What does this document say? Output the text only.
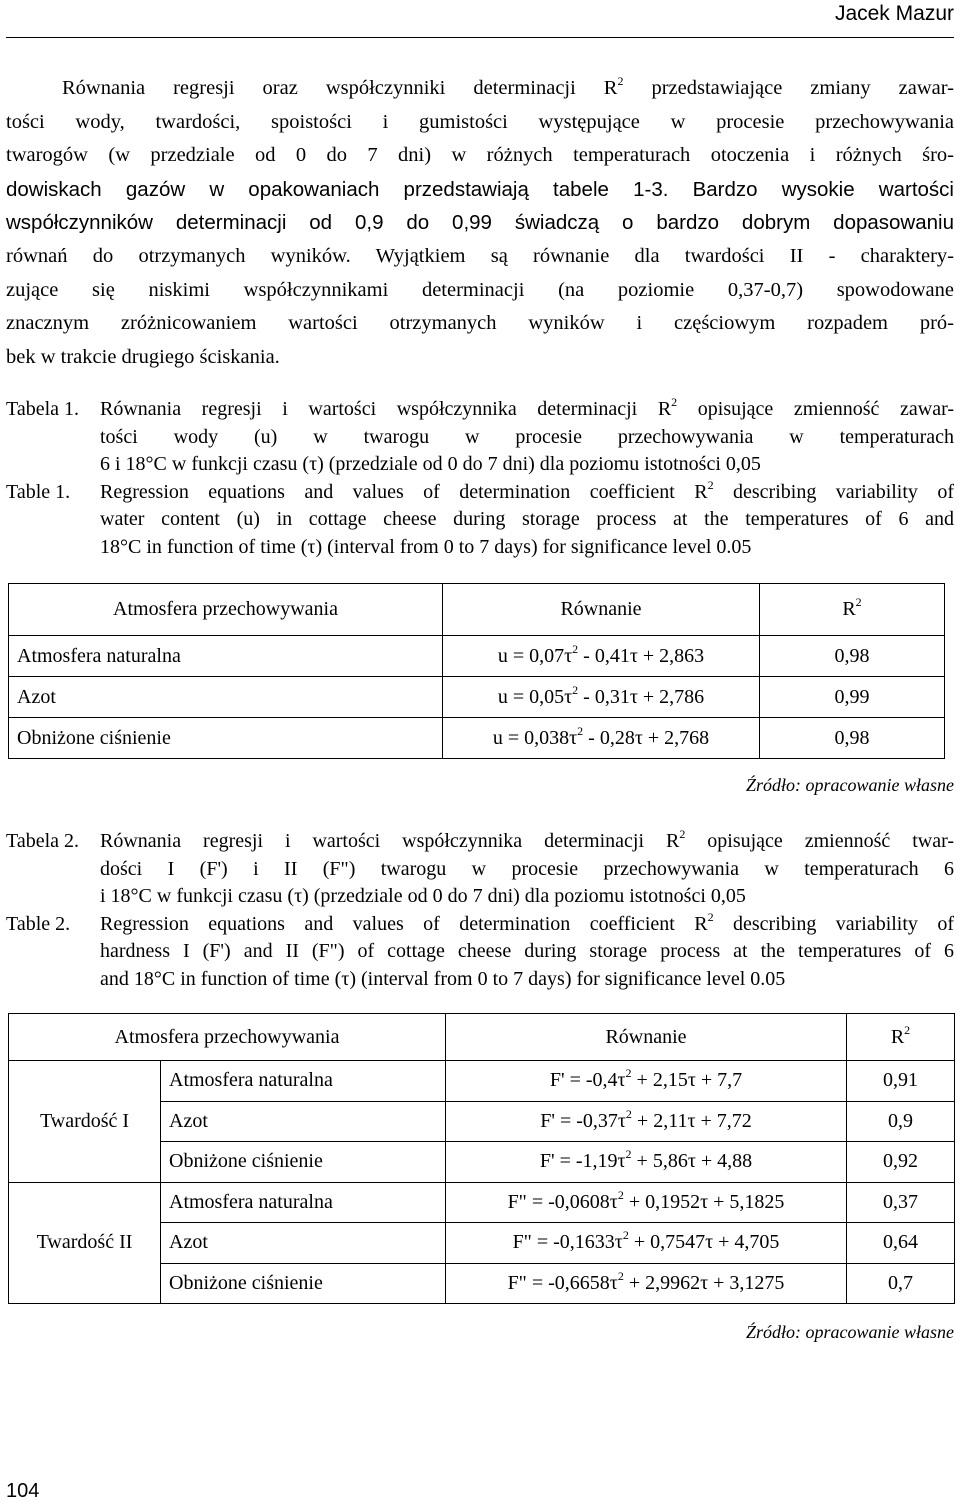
Jacek Mazur
Równania regresji oraz współczynniki determinacji $R^2$ przedstawiające zmiany zawar-
tości wody, twardości, spoistości i gumistości występujące w procesie przechowywania
twarogów (w przedziale od 0 do 7 dni) w różnych temperaturach otoczenia i różnych śro-
dowiskach gazów w opakowaniach przedstawiają tabele 1-3. Bardzo wysokie wartości
współczynników determinacji od 0,9 do 0,99 świadczą o bardzo dobrym dopasowaniu
równań do otrzymanych wyników. Wyjątkiem są równanie dla twardości II - charaktery-
zujące się niskimi współczynnikami determinacji (na poziomie 0,37-0,7) spowodowane
znacznym zróżnicowaniem wartości otrzymanych wyników i częściowym rozpadem pró-
bek w trakcie drugiego ściskania.
Tabela 1.	Równania regresji i wartości współczynnika determinacji $R^2$ opisujące zmienność zawar-
tości wody (u) w twarogu w procesie przechowywania w temperaturach
6 i 18°C w funkcji czasu (τ) (przedziale od 0 do 7 dni) dla poziomu istotności 0,05
Table 1.	Regression equations and values of determination coefficient $R^2$ describing variability of
water content (u) in cottage cheese during storage process at the temperatures of 6 and
18°C in function of time (τ) (interval from 0 to 7 days) for significance level 0.05
Atmosfera przechowywania	Równanie	$R^2$
Atmosfera naturalna	$u = 0,07\tau^2 - 0,41\tau + 2,863$	0,98
Azot	$u = 0,05\tau^2 - 0,31\tau + 2,786$	0,99
Obniżone ciśnienie	$u = 0,038\tau^2 - 0,28\tau + 2,768$	0,98
Źródło: opracowanie własne
Tabela 2.	Równania regresji i wartości współczynnika determinacji $R^2$ opisujące zmienność twar-
dości I (F') i II (F") twarogu w procesie przechowywania w temperaturach 6
i 18°C w funkcji czasu (τ) (przedziale od 0 do 7 dni) dla poziomu istotności 0,05
Table 2.	Regression equations and values of determination coefficient $R^2$ describing variability of
hardness I (F') and II (F") of cottage cheese during storage process at the temperatures of 6
and 18°C in function of time (τ) (interval from 0 to 7 days) for significance level 0.05
Atmosfera przechowywania		Równanie	$R^2$
Twardość I	Atmosfera naturalna	$F' = -0,4\tau^2 + 2,15\tau + 7,7$	0,91
	Azot	$F' = -0,37\tau^2 + 2,11\tau + 7,72$	0,9
	Obniżone ciśnienie	$F' = -1,19\tau^2 + 5,86\tau + 4,88$	0,92
Twardość II	Atmosfera naturalna	F" = $-0,0608\tau^2 + 0,1952\tau + 5,1825$	0,37
	Azot	F" = $-0,1633\tau^2 + 0,7547\tau + 4,705$	0,64
	Obniżone ciśnienie	F" = $-0,6658\tau^2 + 2,9962\tau + 3,1275$	0,7
Źródło: opracowanie własne
104
